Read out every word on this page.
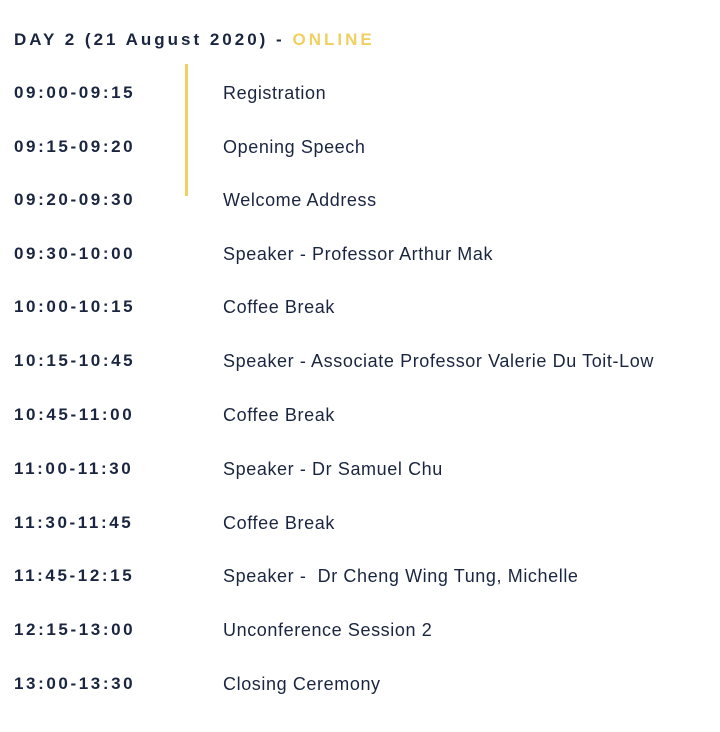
DAY 2 (21 August 2020) - ONLINE
09:00-09:15	Registration
09:15-09:20	Opening Speech
09:20-09:30	Welcome Address
09:30-10:00	Speaker - Professor Arthur Mak
10:00-10:15	Coffee Break
10:15-10:45	Speaker - Associate Professor Valerie Du Toit-Low
10:45-11:00	Coffee Break
11:00-11:30	Speaker - Dr Samuel Chu
11:30-11:45	Coffee Break
11:45-12:15	Speaker -  Dr Cheng Wing Tung, Michelle
12:15-13:00	Unconference Session 2
13:00-13:30	Closing Ceremony
